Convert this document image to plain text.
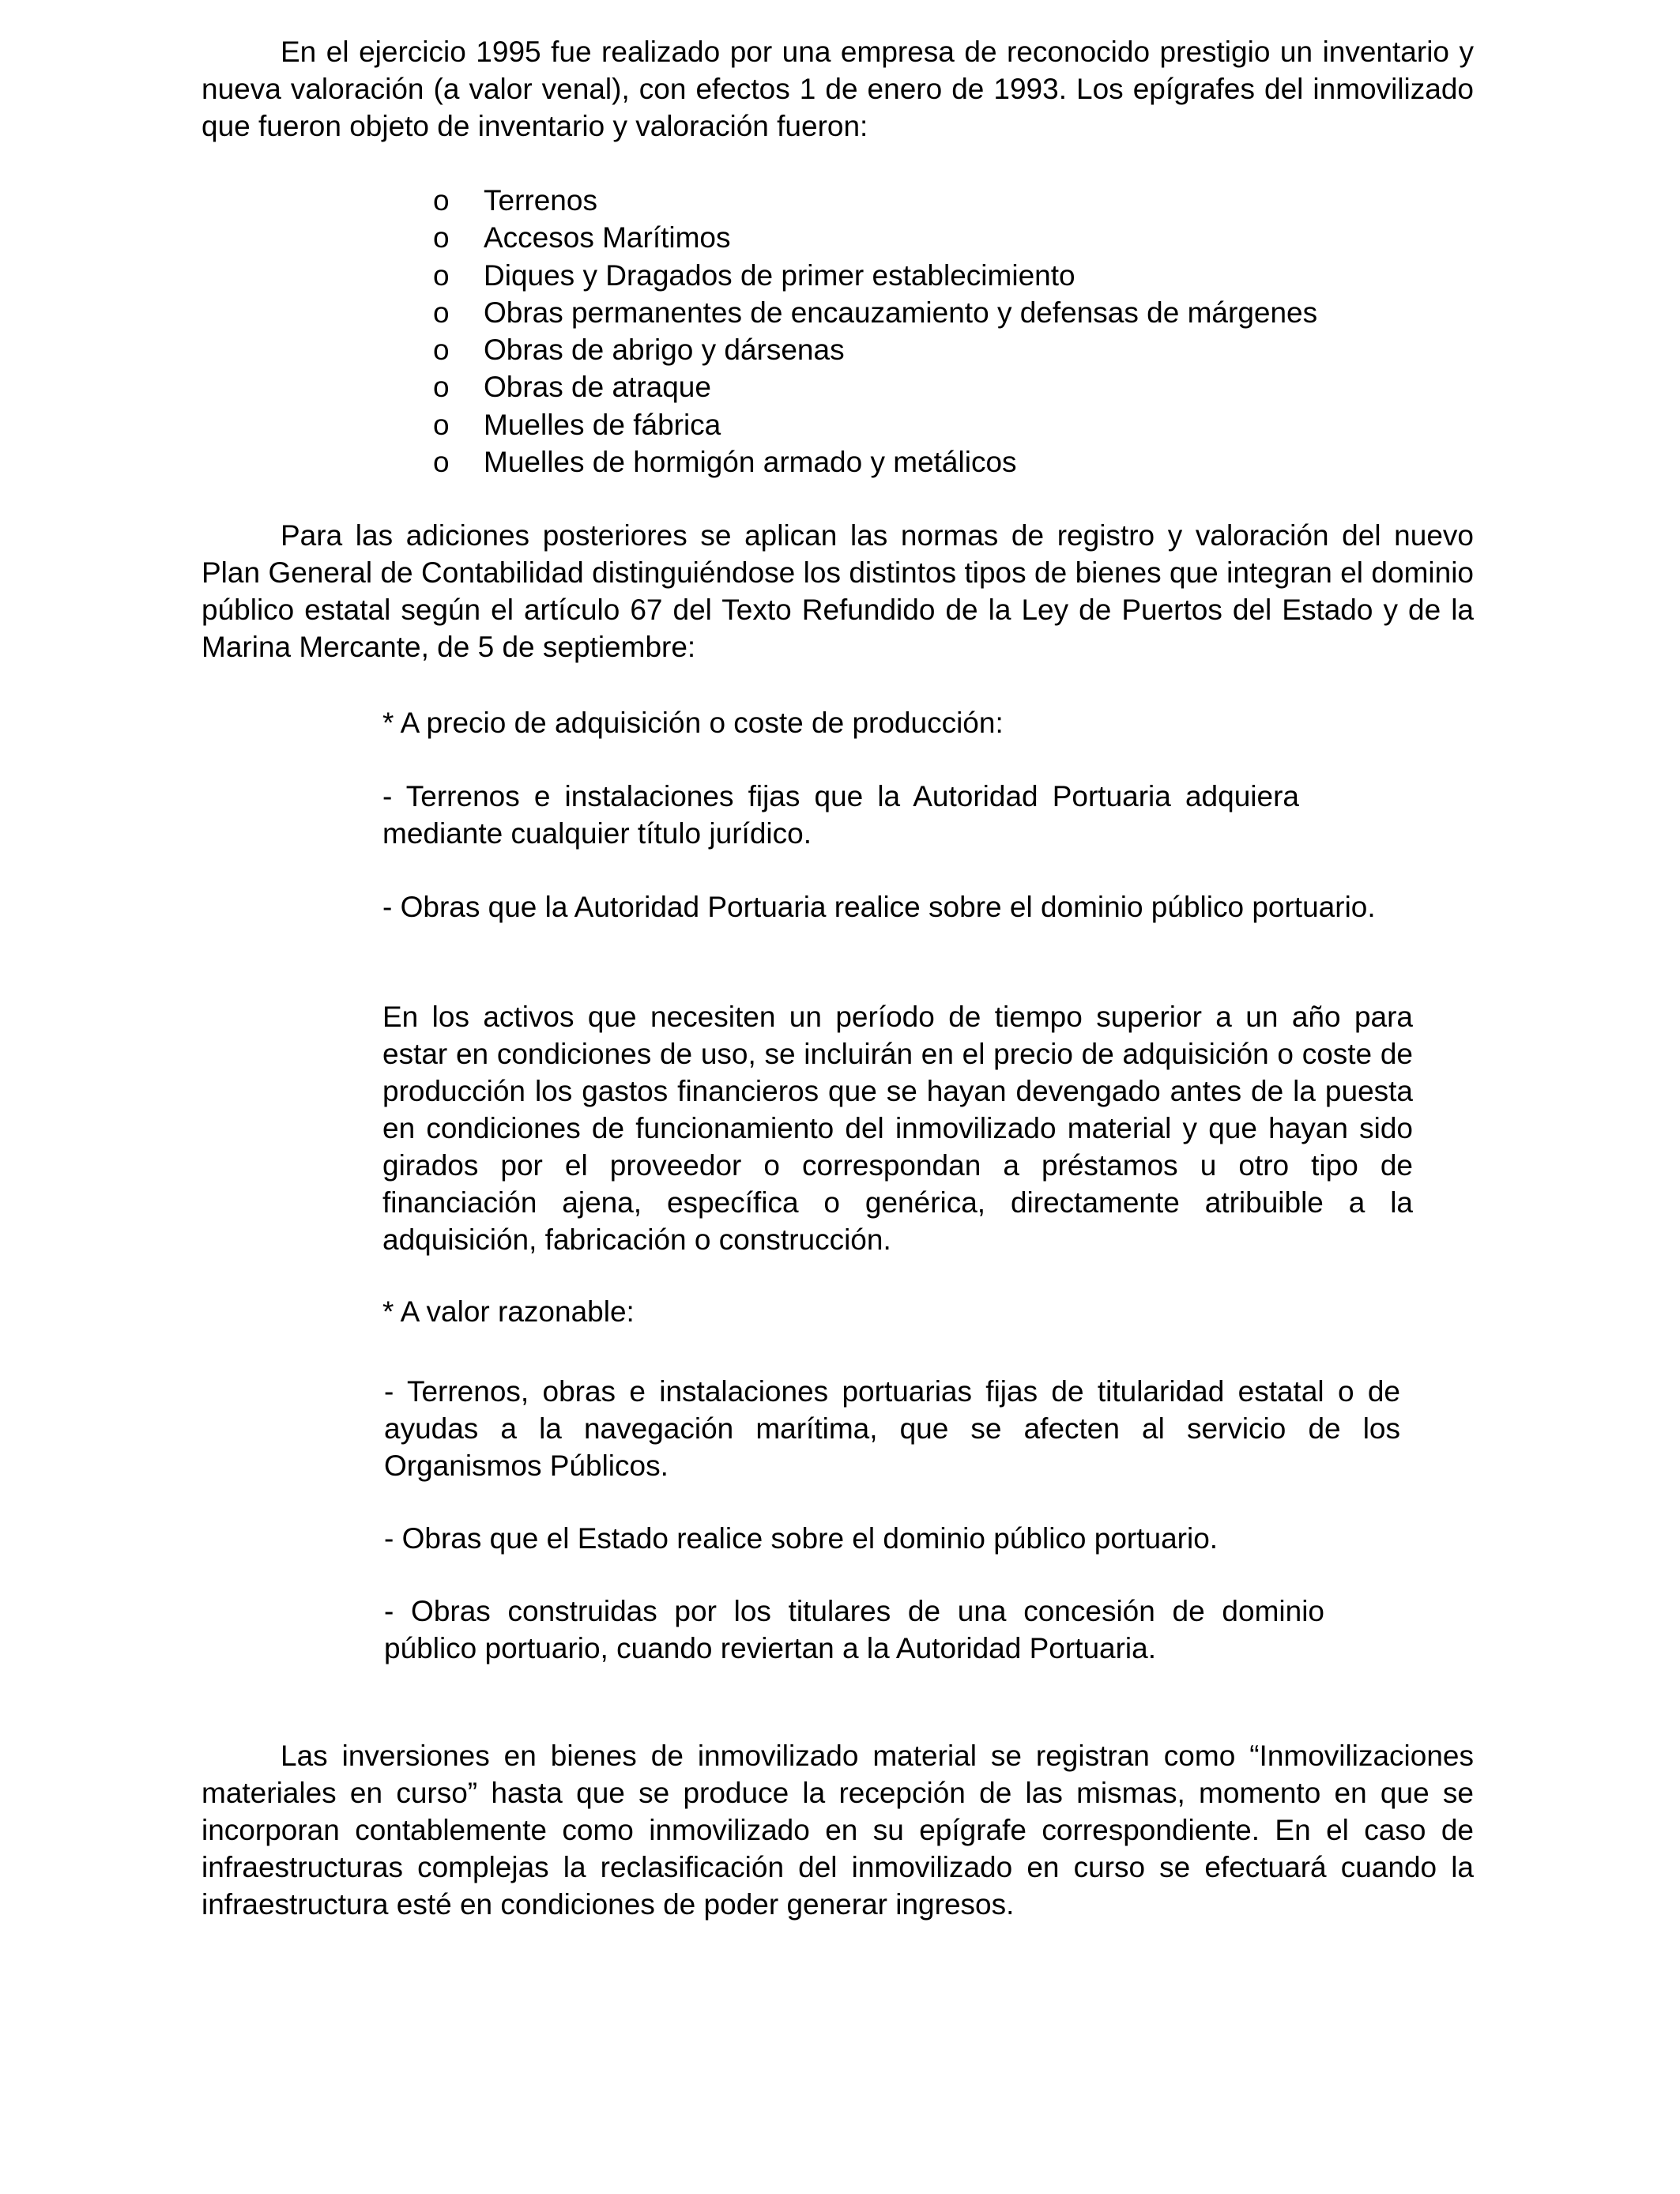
En el ejercicio 1995 fue realizado por una empresa de reconocido prestigio un inventario y nueva valoración (a valor venal), con efectos 1 de enero de 1993. Los epígrafes del inmovilizado que fueron objeto de inventario y valoración fueron:

o Terrenos
o Accesos Marítimos
o Diques y Dragados de primer establecimiento
o Obras permanentes de encauzamiento y defensas de márgenes
o Obras de abrigo y dársenas
o Obras de atraque
o Muelles de fábrica
o Muelles de hormigón armado y metálicos

Para las adiciones posteriores se aplican las normas de registro y valoración del nuevo Plan General de Contabilidad distinguiéndose los distintos tipos de bienes que integran el dominio público estatal según el artículo 67 del Texto Refundido de la Ley de Puertos del Estado y de la Marina Mercante, de 5 de septiembre:

* A precio de adquisición o coste de producción:

- Terrenos e instalaciones fijas que la Autoridad Portuaria adquiera mediante cualquier título jurídico.

- Obras que la Autoridad Portuaria realice sobre el dominio público portuario.

En los activos que necesiten un período de tiempo superior a un año para estar en condiciones de uso, se incluirán en el precio de adquisición o coste de producción los gastos financieros que se hayan devengado antes de la puesta en condiciones de funcionamiento del inmovilizado material y que hayan sido girados por el proveedor o correspondan a préstamos u otro tipo de financiación ajena, específica o genérica, directamente atribuible a la adquisición, fabricación o construcción.

* A valor razonable:

- Terrenos, obras e instalaciones portuarias fijas de titularidad estatal o de ayudas a la navegación marítima, que se afecten al servicio de los Organismos Públicos.

- Obras que el Estado realice sobre el dominio público portuario.

- Obras construidas por los titulares de una concesión de dominio público portuario, cuando reviertan a la Autoridad Portuaria.

Las inversiones en bienes de inmovilizado material se registran como “Inmovilizaciones materiales en curso” hasta que se produce la recepción de las mismas, momento en que se incorporan contablemente como inmovilizado en su epígrafe correspondiente. En el caso de infraestructuras complejas la reclasificación del inmovilizado en curso se efectuará cuando la infraestructura esté en condiciones de poder generar ingresos.
